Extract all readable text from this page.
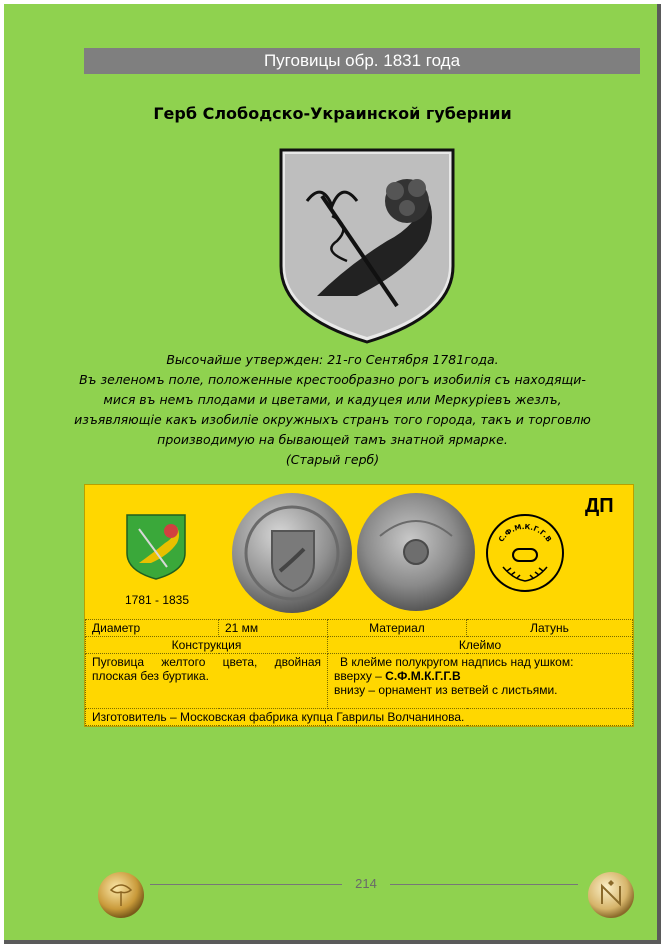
Пуговицы обр. 1831 года
Герб Слободско-Украинской губернии
Высочайше утвержден: 21-го Сентября 1781года.
Въ зеленомъ поле, положенные крестообразно рогъ изобилія съ находящи-
мися въ немъ плодами и цветами, и кадуцея или Меркуріевъ жезлъ,
изъявляющіе какъ изобиліе окружныхъ странъ того города, такъ и торговлю
производимую на бывающей тамъ знатной ярмарке.
(Старый герб)
1781 - 1835
С.Ф.М.К.Г.Г.В
ДП
Диаметр	21 мм	Материал	Латунь
Конструкция		Клеймо	
Пуговица желтого цвета, двойная плоская без буртика.		В клейме полукругом надпись над ушком:
вверху – С.Ф.М.К.Г.Г.В
внизу – орнамент из ветвей с листьями.	

Изготовитель – Московская фабрика купца Гаврилы Волчанинова.			
214
